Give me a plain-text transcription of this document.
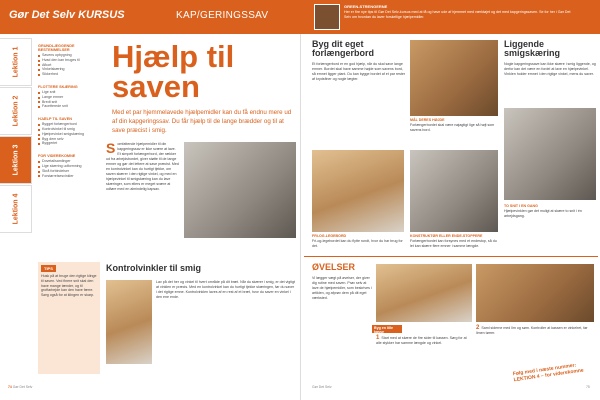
Gør Det Selv KURSUS	KAP/GERINGSSAV
GREEN-STRENGERNE
Her er fire nye tips til Gør Det Selv-kursus med at få og have ude af hjemmet med værktøjet og det med kapgeringssaven. Se for her i Gør Det Selv om hvordan du laver forskellige hjælpemidler.
Lektion 1
Lektion 2
Lektion 3
Lektion 4
GRUNDLÆGGENDE BESTEMMELSER
Savens opbygning
Hvad den kan bruges til
Afkort
Vinkelskæring
Sikkerhed
FLOTTERE SKÆRING
Lige snit
Lange emner
Bredt snit
Facetterede snit
HJÆLP TIL SAVEN
Bygget forlængerbord
Kontrolvinkel til smig
Hjælpevinkel smigskæring
Byg dem selv
Byggeriet
FOR VIDEREKOMNE
Dovetailsamlinger
Lige skæring udformning
Skrå forbindelser
Forstørrelsesvinkler
Hjælp til saven
Med et par hjemmelavede hjælpemidler kan du få endnu mere ud af din kapgeringssav. Du får hjælp til de lange brædder og til at save præcist i smig.
S omfattende hjælpemidler til din kapgeringssav er ikke svære at lave. Et simpelt forlængerbord, der rækker ud fra arbejdsbordet, giver støtte til de lange emner og gør det lettere at save præcist. Med en kontrolvinkel kan du hurtigt tjekke, om saven skærer i den rigtige vinkel, og med en hjælpevinkel til smigskæring kan du lave skæringer, som ellers er meget svære at udføre med en almindelig kapsav.
TIPS
Husk på at bruge den rigtige klinge til saven. Ved finere snit skal den have mange tænder, og til groftarbejde kan den have færre. Sørg også for at klingen er skarp.
Kontrolvinkler til smig
Lav på det her og vinkel til hvert område på dit bræt. Når du skærer i smig, er det vigtigt at vinklen er præcis. Med en kontrolvinkel kan du hurtigt tjekke skæringen, før du saver i det rigtige emne. Kontrolvinklen laves af en rest af et bræt, hvor du saver en vinkel i den ene ende.
Byg dit eget forlængerbord
Et forlængerbord er en god hjælp, når du skal save lange emner. Bordet skal have samme højde som savens bord, så emnet ligger plant. Du kan bygge bordet af et par rester af krydsfiner og nogle lægter.
MÅL DERES HØJDE
Forlængerbordet skal være nøjagtigt lige så højt som savens bord.
FRI-OG-LEGEBORD
Fri-og-legebordet kan du flytte rundt, hvor du har brug for det.
KONSTRUKTØR ELLER ENDE-STOPPERE
Forlængerbordet kan forsynes med et endestop, så du let kan skære flere emner i samme længde.
Liggende smigskæring
Nogle kapgeringssave kan ikke skære i smig liggende, og derfor kan det være en fordel at lave en hjælpevinkel. Vinklen holder emnet i den rigtige vinkel, mens du saver.
TO SNIT I EN GANG
Hjælpevinklen gør det muligt at skære to snit i én arbejdsgang.
ØVELSER
Vi lægger vægt på øvelser, der giver dig rutine med saven. Prøv selv at lave de hjælpemidler, som beskrives i artiklen, og afprøv dem på dit eget værksted.
Byg en lille kasse
1 Start med at skære de fire sider til kassen. Sørg for at alle stykker har samme længde og vinkel.
2 Saml siderne med lim og søm. Kontroller at kassen er vinkelret, før limen tørrer.
Følg med i næste nummer: LEKTION 4 – for viderekomne
74 Gør Det Selv	Gør Det Selv	75
